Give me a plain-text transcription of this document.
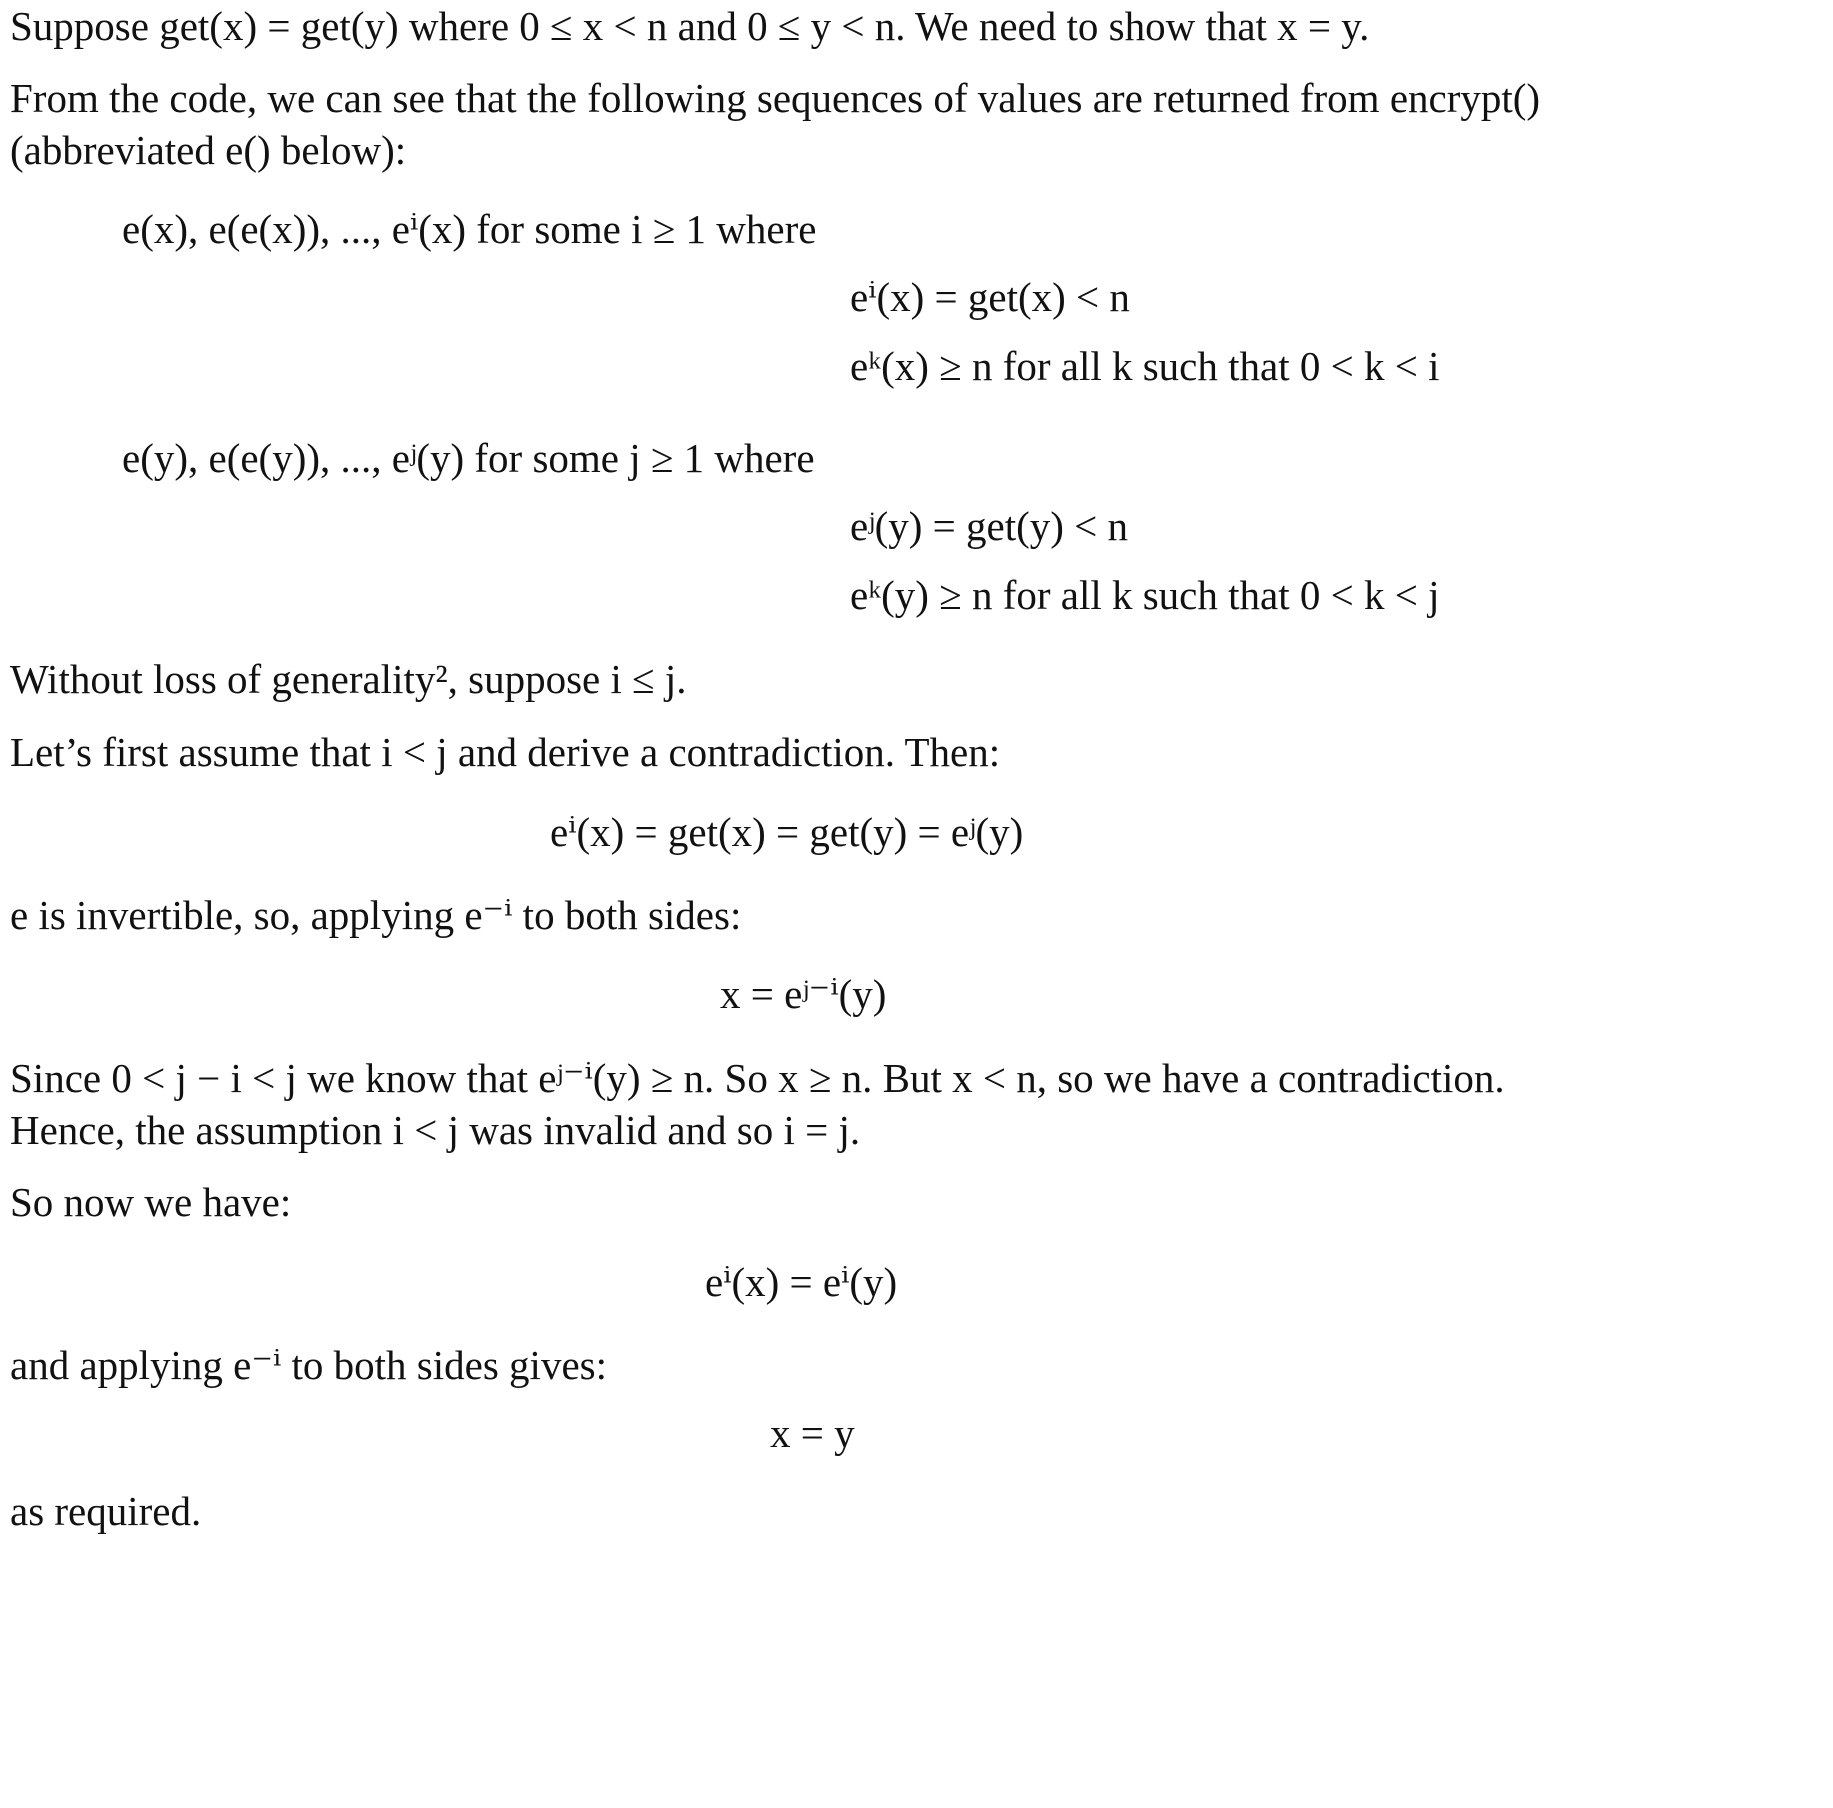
Suppose get(x) = get(y) where 0 ≤ x < n and 0 ≤ y < n. We need to show that x = y.
From the code, we can see that the following sequences of values are returned from encrypt()
(abbreviated e() below):
e(x), e(e(x)), ..., eⁱ(x) for some i ≥ 1 where
eⁱ(x) = get(x) < n
eᵏ(x) ≥ n for all k such that 0 < k < i
e(y), e(e(y)), ..., eʲ(y) for some j ≥ 1 where
eʲ(y) = get(y) < n
eᵏ(y) ≥ n for all k such that 0 < k < j
Without loss of generality², suppose i ≤ j.
Let’s first assume that i < j and derive a contradiction. Then:
eⁱ(x) = get(x) = get(y) = eʲ(y)
e is invertible, so, applying e⁻ⁱ to both sides:
x = eʲ⁻ⁱ(y)
Since 0 < j − i < j we know that eʲ⁻ⁱ(y) ≥ n. So x ≥ n. But x < n, so we have a contradiction.
Hence, the assumption i < j was invalid and so i = j.
So now we have:
eⁱ(x) = eⁱ(y)
and applying e⁻ⁱ to both sides gives:
x = y
as required.
